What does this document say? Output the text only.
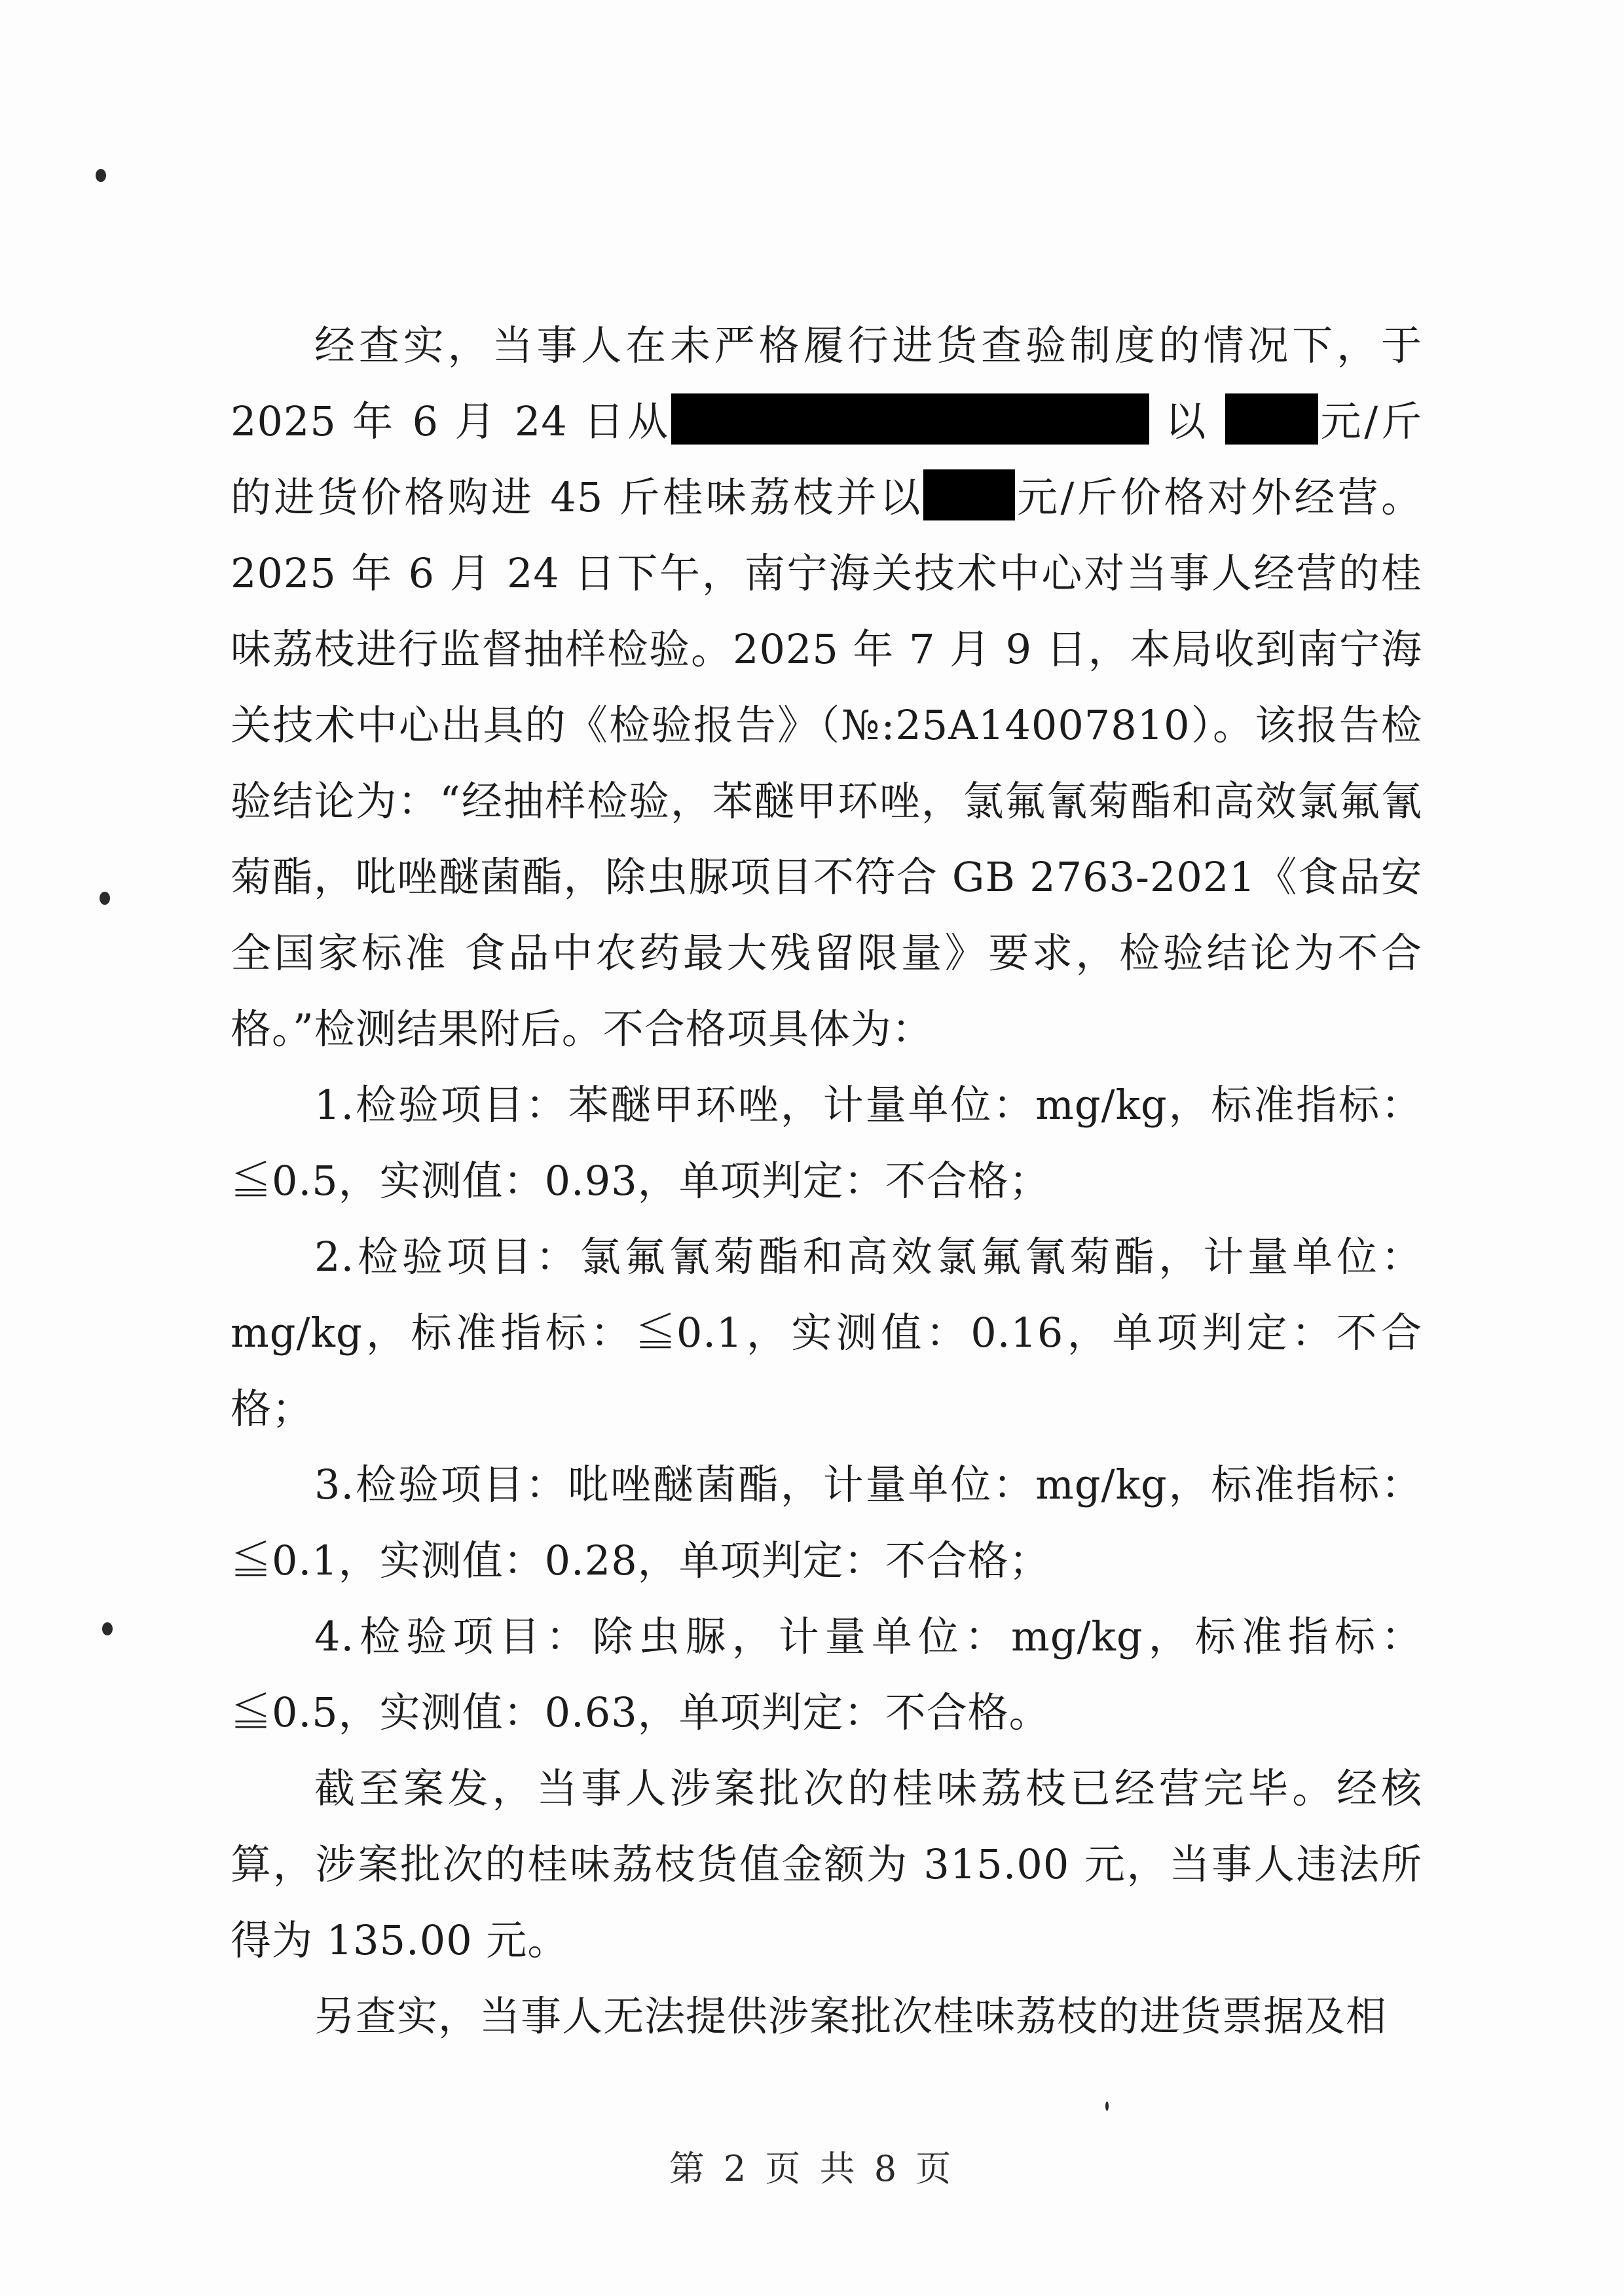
经查实，当事人在未严格履行进货查验制度的情况下，于2025 年 6 月 24 日从	以 元/斤的进货价格购进 45 斤桂味荔枝并以 元/斤价格对外经营。2025 年 6 月 24 日下午，南宁海关技术中心对当事人经营的桂味荔枝进行监督抽样检验。2025 年 7 月 9 日，本局收到南宁海关技术中心出具的《检验报告》（№:25A14007810）。该报告检验结论为：“经抽样检验，苯醚甲环唑，氯氟氰菊酯和高效氯氟氰菊酯，吡唑醚菌酯，除虫脲项目不符合 GB 2763-2021《食品安全国家标准 食品中农药最大残留限量》要求，检验结论为不合格。”检测结果附后。不合格项具体为：

1.检验项目：苯醚甲环唑，计量单位：mg/kg，标准指标：≦0.5，实测值：0.93，单项判定：不合格；

2.检验项目：氯氟氰菊酯和高效氯氟氰菊酯，计量单位：mg/kg，标准指标：≦0.1，实测值：0.16，单项判定：不合格；

3.检验项目：吡唑醚菌酯，计量单位：mg/kg，标准指标：≦0.1，实测值：0.28，单项判定：不合格；

4.检验项目：除虫脲，计量单位：mg/kg，标准指标：≦0.5，实测值：0.63，单项判定：不合格。

截至案发，当事人涉案批次的桂味荔枝已经营完毕。经核算，涉案批次的桂味荔枝货值金额为 315.00 元，当事人违法所得为 135.00 元。

另查实，当事人无法提供涉案批次桂味荔枝的进货票据及相

第 2 页 共 8 页
